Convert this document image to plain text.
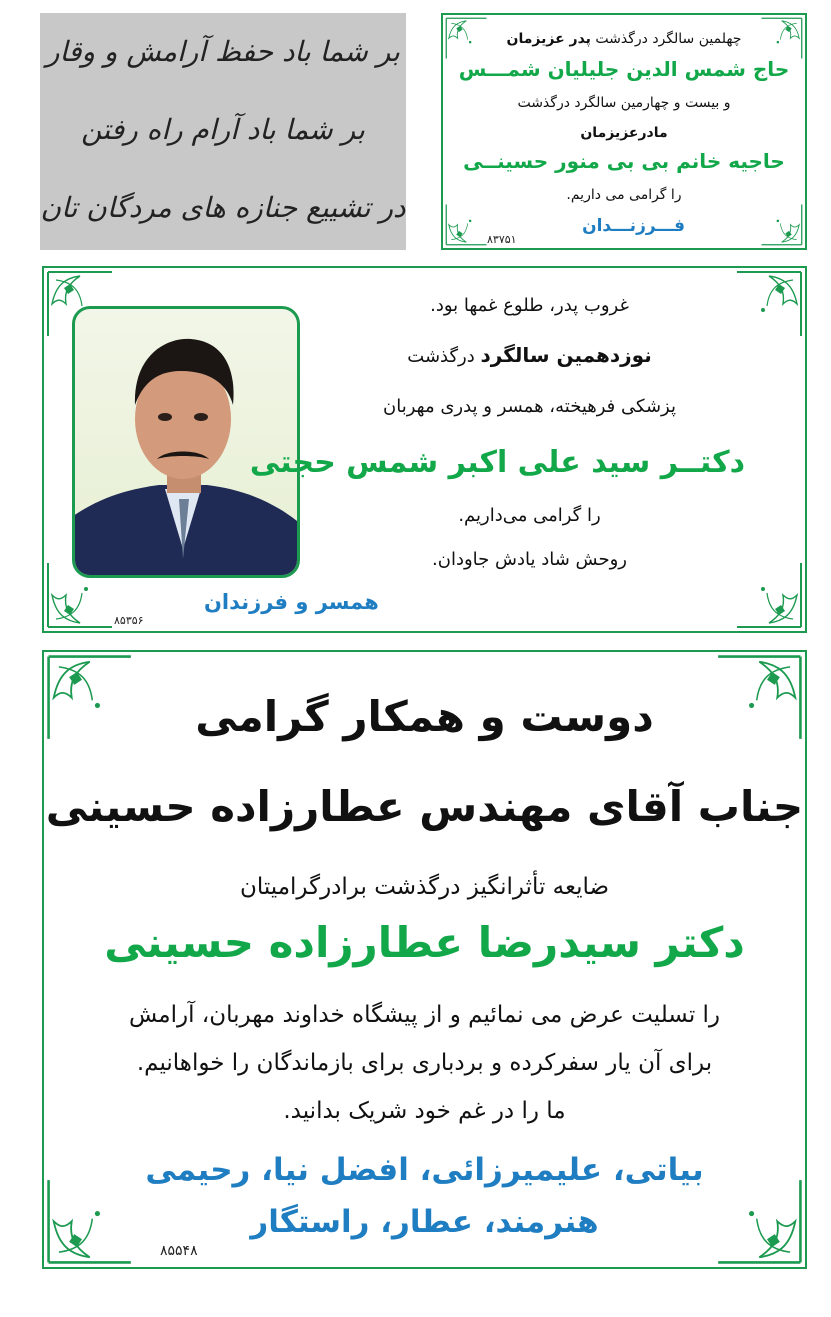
بر شما باد حفظ آرامش و وقار
بر شما باد آرام راه رفتن
در تشییع جنازه های مردگان تان
چهلمین سالگرد درگذشت پدر عزیزمان
حاج شمس الدین جلیلیان شمـــس
و بیست و چهارمین سالگرد درگذشت
مادرعزیزمان
حاجیه خانم بی بی منور حسینــی
را گرامی می داریم.
فـــرزنـــدان
۸۳۷۵۱
غروب پدر، طلوع غمها بود.
نوزدهمین سالگرد درگذشت
پزشکی فرهیخته، همسر و پدری مهربان
دکتــر سید علی اکبر شمس حجتی
را گرامی می‌داریم.
روحش شاد یادش جاودان.
همسر و فرزندان
۸۵۳۵۶
دوست و همکار گرامی
جناب آقای مهندس عطارزاده حسینی
ضایعه تأثرانگیز درگذشت برادرگرامیتان
دکتر سیدرضا عطارزاده حسینی
را تسلیت عرض می نمائیم و از پیشگاه خداوند مهربان، آرامش
برای آن یار سفرکرده و بردباری برای بازماندگان را خواهانیم.
ما را در غم خود شریک بدانید.
بیاتی، علیمیرزائی، افضل نیا، رحیمی
هنرمند، عطار، راستگار
۸۵۵۴۸
